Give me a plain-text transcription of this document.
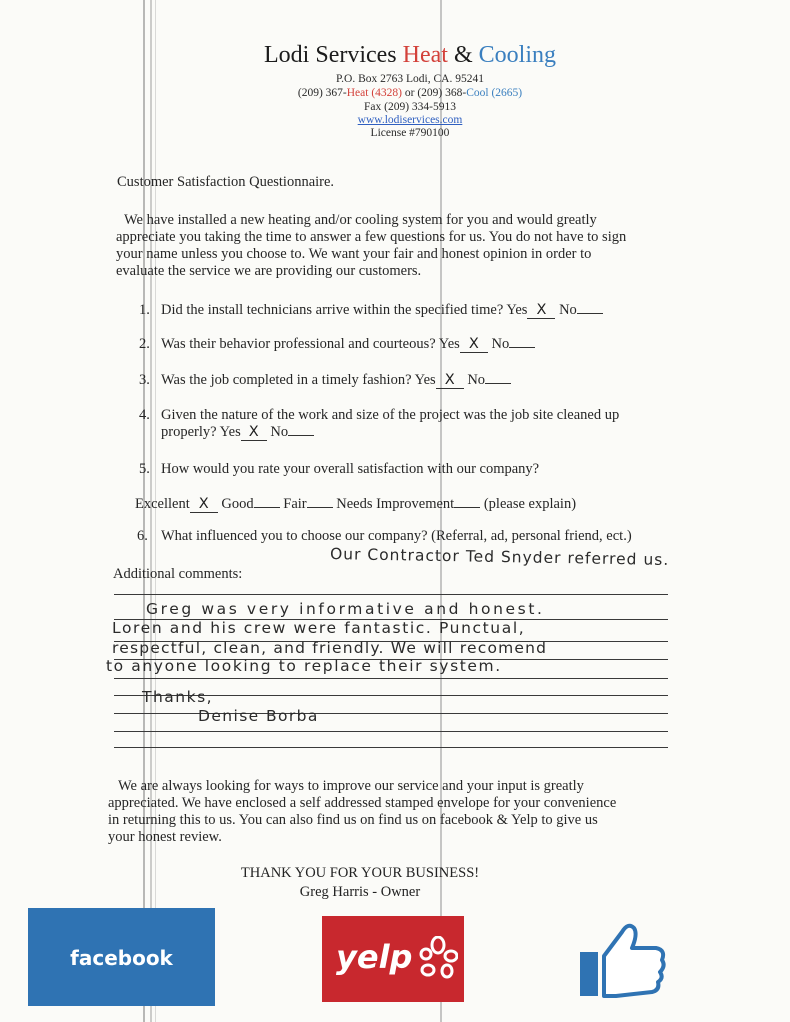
Lodi Services Heat & Cooling
P.O. Box 2763 Lodi, CA. 95241
(209) 367-Heat (4328) or (209) 368-Cool (2665)
Fax (209) 334-5913
www.lodiservices.com
License #790100
Customer Satisfaction Questionnaire.

We have installed a new heating and/or cooling system for you and would greatly

appreciate you taking the time to answer a few questions for us. You do not have to sign

your name unless you choose to. We want your fair and honest opinion in order to

evaluate the service we are providing our customers.

1. Did the install technicians arrive within the specified time? Yes X No
2. Was their behavior professional and courteous? Yes X No
3. Was the job completed in a timely fashion? Yes X No
4. Given the nature of the work and size of the project was the job site cleaned up
properly? Yes X No
5. How would you rate your overall satisfaction with our company?
Excellent X Good Fair Needs Improvement (please explain)
6. What influenced you to choose our company? (Referral, ad, personal friend, ect.)
Our Contractor Ted Snyder referred us.
Additional comments:
Greg was very informative and honest.
Loren and his crew were fantastic. Punctual,
respectful, clean, and friendly. We will recomend
to anyone looking to replace their system.
Thanks,
Denise Borba

We are always looking for ways to improve our service and your input is greatly

appreciated. We have enclosed a self addressed stamped envelope for your convenience

in returning this to us. You can also find us on find us on facebook & Yelp to give us

your honest review.

THANK YOU FOR YOUR BUSINESS!
Greg Harris - Owner
facebook	yelp
